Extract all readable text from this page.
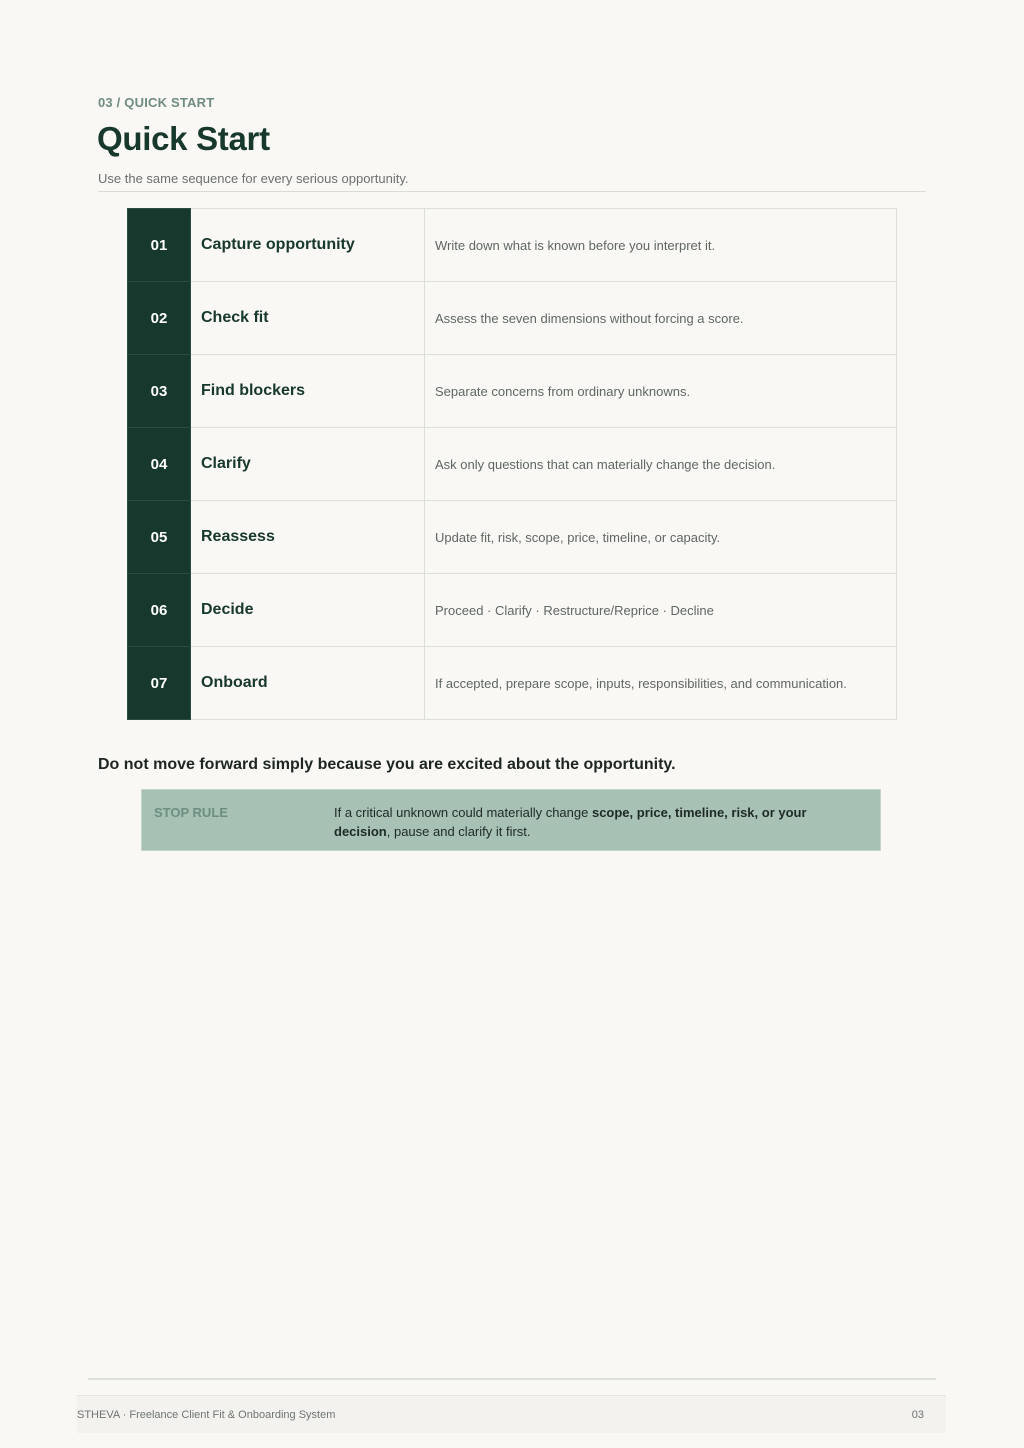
03 / QUICK START
Quick Start
Use the same sequence for every serious opportunity.
01	Capture opportunity	Write down what is known before you interpret it.
02	Check fit	Assess the seven dimensions without forcing a score.
03	Find blockers	Separate concerns from ordinary unknowns.
04	Clarify	Ask only questions that can materially change the decision.
05	Reassess	Update fit, risk, scope, price, timeline, or capacity.
06	Decide	Proceed · Clarify · Restructure/Reprice · Decline
07	Onboard	If accepted, prepare scope, inputs, responsibilities, and communication.
Do not move forward simply because you are excited about the opportunity.
STOP RULE	If a critical unknown could materially change scope, price, timeline, risk, or your decision, pause and clarify it first.
STHEVA · Freelance Client Fit & Onboarding System	03
